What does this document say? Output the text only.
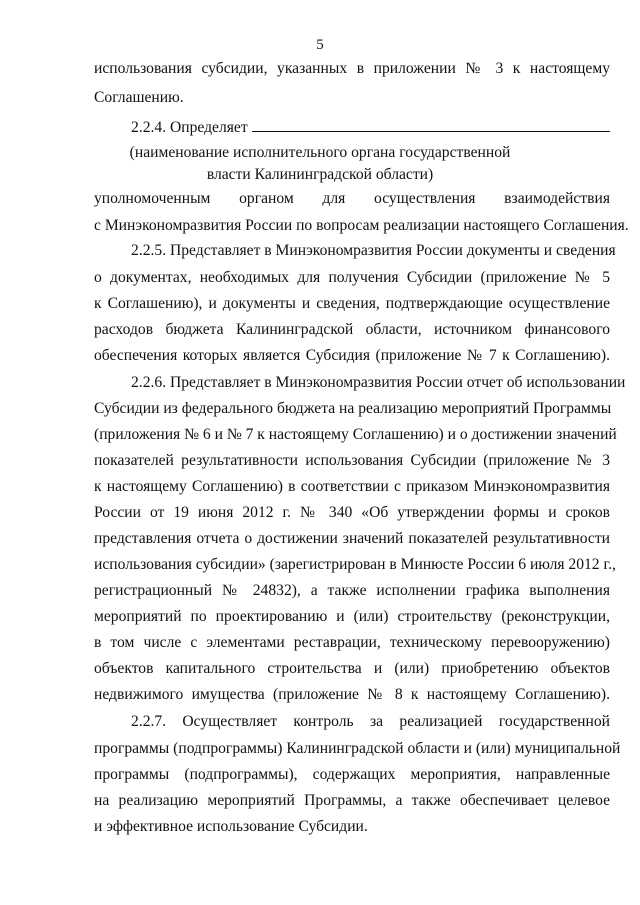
5
использования субсидии, указанных в приложении № 3 к настоящему
Соглашению.
2.2.4. Определяет
(наименование исполнительного органа государственной
власти Калининградской области)
уполномоченным органом для осуществления взаимодействия
с Минэкономразвития России по вопросам реализации настоящего Соглашения.
2.2.5. Представляет в Минэкономразвития России документы и сведения
о документах, необходимых для получения Субсидии (приложение № 5
к Соглашению), и документы и сведения, подтверждающие осуществление
расходов бюджета Калининградской области, источником финансового
обеспечения которых является Субсидия (приложение № 7 к Соглашению).
2.2.6. Представляет в Минэкономразвития России отчет об использовании
Субсидии из федерального бюджета на реализацию мероприятий Программы
(приложения № 6 и № 7 к настоящему Соглашению) и о достижении значений
показателей результативности использования Субсидии (приложение № 3
к настоящему Соглашению) в соответствии с приказом Минэкономразвития
России от 19 июня 2012 г. № 340 «Об утверждении формы и сроков
представления отчета о достижении значений показателей результативности
использования субсидии» (зарегистрирован в Минюсте России 6 июля 2012 г.,
регистрационный № 24832), а также исполнении графика выполнения
мероприятий по проектированию и (или) строительству (реконструкции,
в том числе с элементами реставрации, техническому перевооружению)
объектов капитального строительства и (или) приобретению объектов
недвижимого имущества (приложение № 8 к настоящему Соглашению).
2.2.7. Осуществляет контроль за реализацией государственной
программы (подпрограммы) Калининградской области и (или) муниципальной
программы (подпрограммы), содержащих мероприятия, направленные
на реализацию мероприятий Программы, а также обеспечивает целевое
и эффективное использование Субсидии.
